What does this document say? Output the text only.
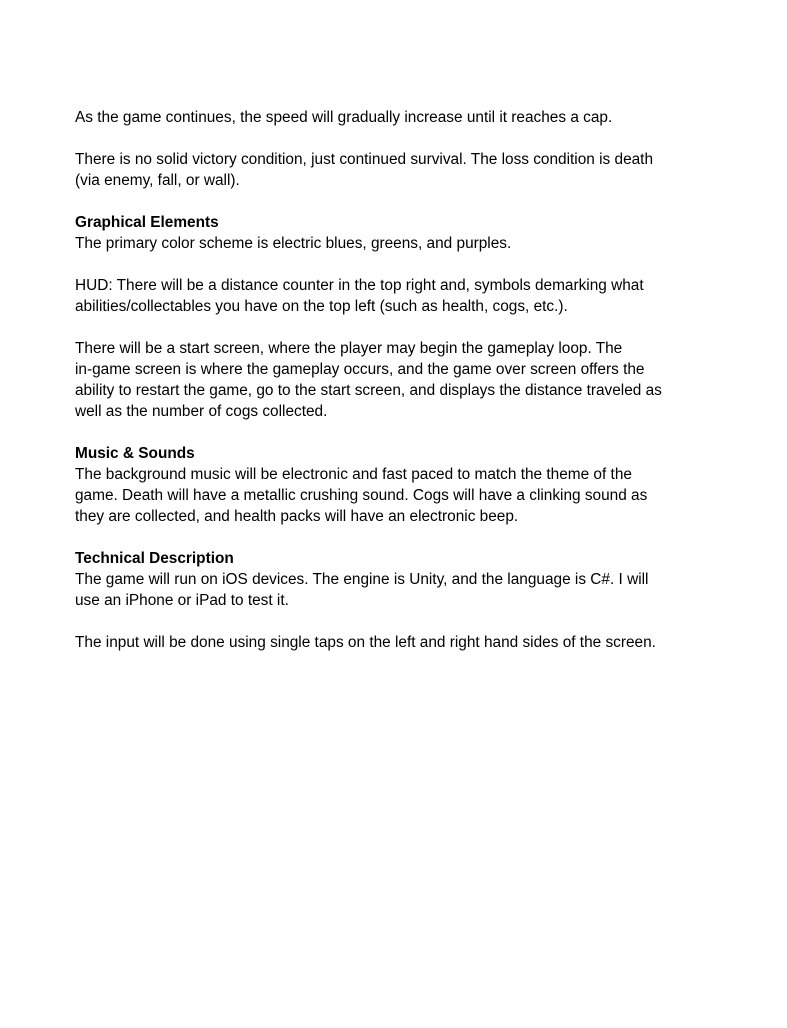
As the game continues, the speed will gradually increase until it reaches a cap.

There is no solid victory condition, just continued survival. The loss condition is death
(via enemy, fall, or wall).

Graphical Elements

The primary color scheme is electric blues, greens, and purples.

HUD: There will be a distance counter in the top right and, symbols demarking what
abilities/collectables you have on the top left (such as health, cogs, etc.).

There will be a start screen, where the player may begin the gameplay loop. The
in-game screen is where the gameplay occurs, and the game over screen offers the
ability to restart the game, go to the start screen, and displays the distance traveled as
well as the number of cogs collected.

Music & Sounds

The background music will be electronic and fast paced to match the theme of the
game. Death will have a metallic crushing sound. Cogs will have a clinking sound as
they are collected, and health packs will have an electronic beep.

Technical Description

The game will run on iOS devices. The engine is Unity, and the language is C#. I will
use an iPhone or iPad to test it.

The input will be done using single taps on the left and right hand sides of the screen.
